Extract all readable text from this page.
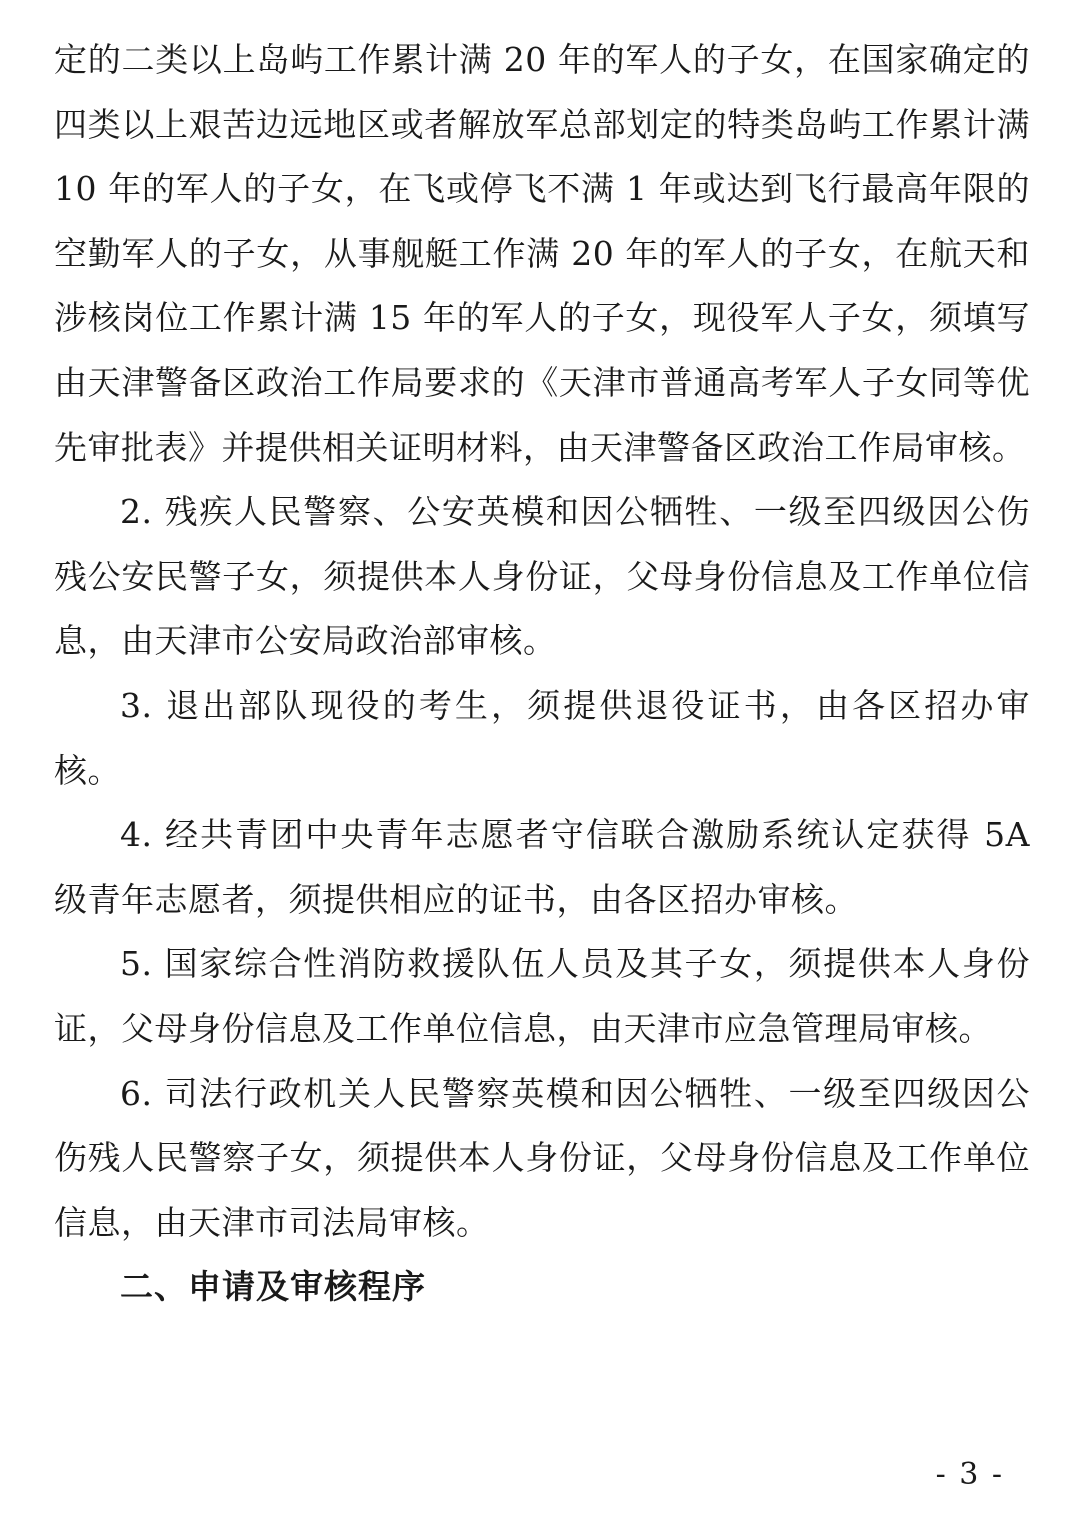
定的二类以上岛屿工作累计满 20 年的军人的子女，在国家确定的四类以上艰苦边远地区或者解放军总部划定的特类岛屿工作累计满 10 年的军人的子女，在飞或停飞不满 1 年或达到飞行最高年限的空勤军人的子女，从事舰艇工作满 20 年的军人的子女，在航天和涉核岗位工作累计满 15 年的军人的子女，现役军人子女，须填写由天津警备区政治工作局要求的《天津市普通高考军人子女同等优先审批表》并提供相关证明材料，由天津警备区政治工作局审核。

2. 残疾人民警察、公安英模和因公牺牲、一级至四级因公伤残公安民警子女，须提供本人身份证，父母身份信息及工作单位信息，由天津市公安局政治部审核。

3. 退出部队现役的考生，须提供退役证书，由各区招办审核。

4. 经共青团中央青年志愿者守信联合激励系统认定获得 5A 级青年志愿者，须提供相应的证书，由各区招办审核。

5. 国家综合性消防救援队伍人员及其子女，须提供本人身份证，父母身份信息及工作单位信息，由天津市应急管理局审核。

6. 司法行政机关人民警察英模和因公牺牲、一级至四级因公伤残人民警察子女，须提供本人身份证，父母身份信息及工作单位信息，由天津市司法局审核。

二、申请及审核程序

- 3 -
